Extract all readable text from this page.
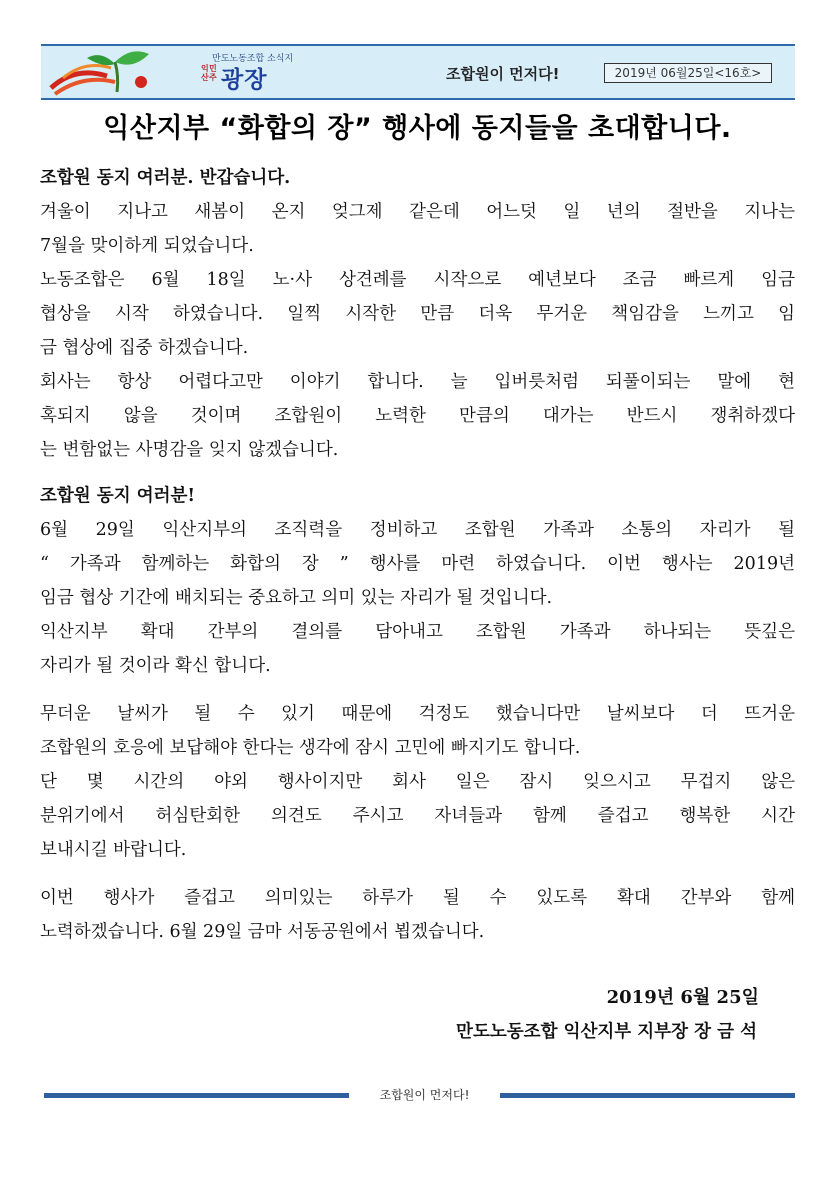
만도노동조합 소식지
익
산
민
주 광장	조합원이 먼저다!	2019년 06월25일<16호>
익산지부 “화합의 장” 행사에 동지들을 초대합니다.
조합원 동지 여러분. 반갑습니다.
겨울이 지나고 새봄이 온지 엊그제 같은데 어느덧 일 년의 절반을 지나는
7월을 맞이하게 되었습니다.
노동조합은 6월 18일 노·사 상견례를 시작으로 예년보다 조금 빠르게 임금
협상을 시작 하였습니다. 일찍 시작한 만큼 더욱 무거운 책임감을 느끼고 임
금 협상에 집중 하겠습니다.
회사는 항상 어렵다고만 이야기 합니다. 늘 입버릇처럼 되풀이되는 말에 현
혹되지 않을 것이며 조합원이 노력한 만큼의 대가는 반드시 쟁취하겠다
는 변함없는 사명감을 잊지 않겠습니다.
조합원 동지 여러분!
6월 29일 익산지부의 조직력을 정비하고 조합원 가족과 소통의 자리가 될
“ 가족과 함께하는 화합의 장 ” 행사를 마련 하였습니다. 이번 행사는 2019년
임금 협상 기간에 배치되는 중요하고 의미 있는 자리가 될 것입니다.
익산지부 확대 간부의 결의를 담아내고 조합원 가족과 하나되는 뜻깊은
자리가 될 것이라 확신 합니다.
무더운 날씨가 될 수 있기 때문에 걱정도 했습니다만 날씨보다 더 뜨거운
조합원의 호응에 보답해야 한다는 생각에 잠시 고민에 빠지기도 합니다.
단 몇 시간의 야외 행사이지만 회사 일은 잠시 잊으시고 무겁지 않은
분위기에서 허심탄회한 의견도 주시고 자녀들과 함께 즐겁고 행복한 시간
보내시길 바랍니다.
이번 행사가 즐겁고 의미있는 하루가 될 수 있도록 확대 간부와 함께
노력하겠습니다. 6월 29일 금마 서동공원에서 뵙겠습니다.
2019년 6월 25일
만도노동조합 익산지부 지부장 장 금 석
조합원이 먼저다!
